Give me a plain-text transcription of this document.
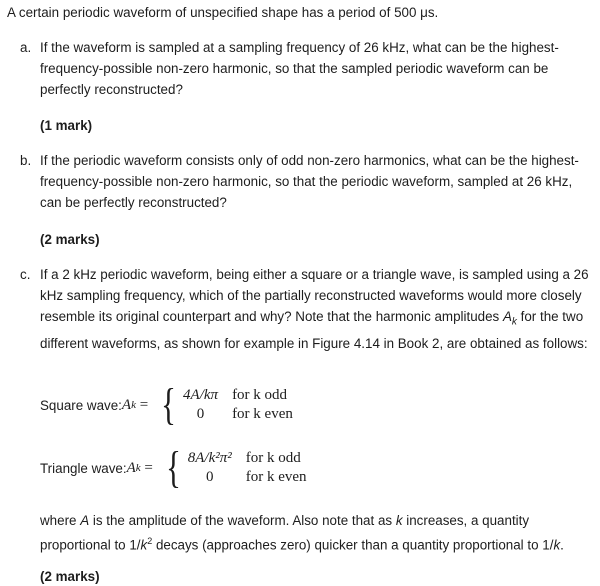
A certain periodic waveform of unspecified shape has a period of 500 μs.
a. If the waveform is sampled at a sampling frequency of 26 kHz, what can be the highest-frequency-possible non-zero harmonic, so that the sampled periodic waveform can be perfectly reconstructed?
(1 mark)
b. If the periodic waveform consists only of odd non-zero harmonics, what can be the highest-frequency-possible non-zero harmonic, so that the periodic waveform, sampled at 26 kHz, can be perfectly reconstructed?
(2 marks)
c. If a 2 kHz periodic waveform, being either a square or a triangle wave, is sampled using a 26 kHz sampling frequency, which of the partially reconstructed waveforms would more closely resemble its original counterpart and why? Note that the harmonic amplitudes $A_k$ for the two different waveforms, as shown for example in Figure 4.14 in Book 2, are obtained as follows:
Square wave: A k = { 4A/kπ	for k odd
0	for k even
Triangle wave: A k = { 8A/k²π²	for k odd
0	for k even
where A is the amplitude of the waveform. Also note that as k increases, a quantity proportional to $1/k^2$ decays (approaches zero) quicker than a quantity proportional to 1/k.
(2 marks)
